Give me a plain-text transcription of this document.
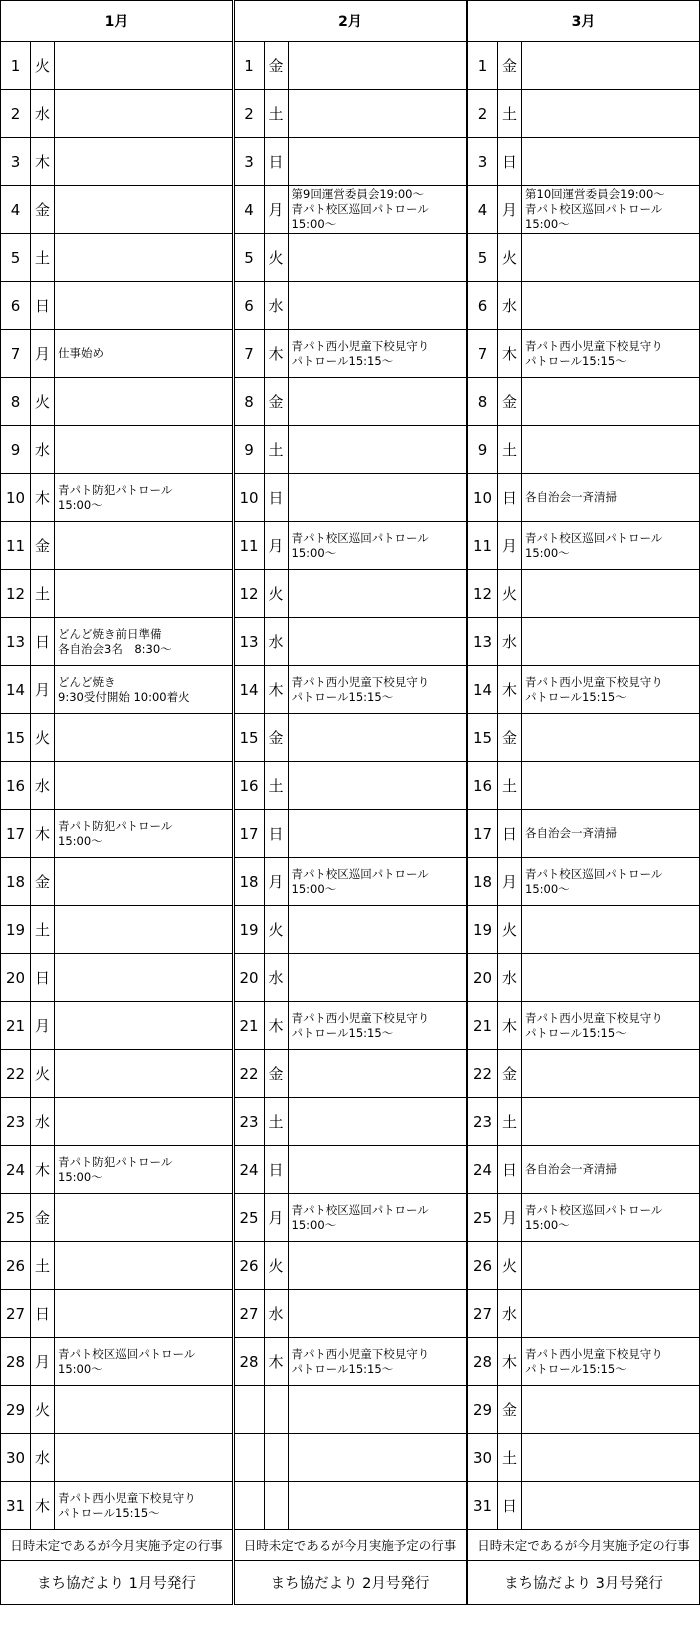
1月
1 火
2 水
3 木
4 金
5 土
6 日
7 月 仕事始め
8 火
9 水
10 木 青パト防犯パトロール
15:00～
11 金
12 土
13 日 どんど焼き前日準備
各自治会3名　8:30～
14 月 どんど焼き
9:30受付開始 10:00着火
15 火
16 水
17 木 青パト防犯パトロール
15:00～
18 金
19 土
20 日
21 月
22 火
23 水
24 木 青パト防犯パトロール
15:00～
25 金
26 土
27 日
28 月 青パト校区巡回パトロール
15:00～
29 火
30 水
31 木 青パト西小児童下校見守り
パトロール15:15～
日時未定であるが今月実施予定の行事
まち協だより 1月号発行
2月
1 金
2 土
3 日
4 月
第9回運営委員会19:00～
青パト校区巡回パトロール
15:00～
5 火
6 水
7 木 青パト西小児童下校見守り
パトロール15:15～
8 金
9 土
10 日
11 月 青パト校区巡回パトロール
15:00～
12 火
13 水
14 木 青パト西小児童下校見守り
パトロール15:15～
15 金
16 土
17 日
18 月 青パト校区巡回パトロール
15:00～
19 火
20 水
21 木 青パト西小児童下校見守り
パトロール15:15～
22 金
23 土
24 日
25 月 青パト校区巡回パトロール
15:00～
26 火
27 水
28 木 青パト西小児童下校見守り
パトロール15:15～
日時未定であるが今月実施予定の行事
まち協だより 2月号発行
3月
1 金
2 土
3 日
4 月
第10回運営委員会19:00～
青パト校区巡回パトロール
15:00～
5 火
6 水
7 木 青パト西小児童下校見守り
パトロール15:15～
8 金
9 土
10 日 各自治会一斉清掃
11 月 青パト校区巡回パトロール
15:00～
12 火
13 水
14 木 青パト西小児童下校見守り
パトロール15:15～
15 金
16 土
17 日 各自治会一斉清掃
18 月 青パト校区巡回パトロール
15:00～
19 火
20 水
21 木 青パト西小児童下校見守り
パトロール15:15～
22 金
23 土
24 日 各自治会一斉清掃
25 月 青パト校区巡回パトロール
15:00～
26 火
27 水
28 木 青パト西小児童下校見守り
パトロール15:15～
29 金
30 土
31 日
日時未定であるが今月実施予定の行事
まち協だより 3月号発行
